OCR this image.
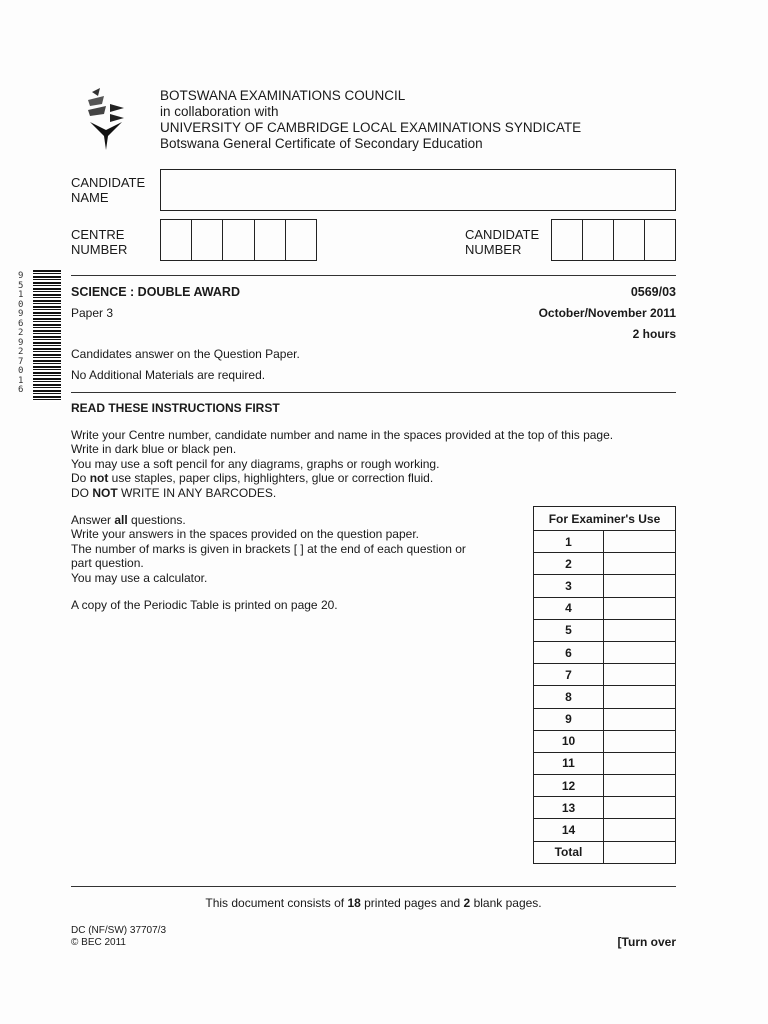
BOTSWANA EXAMINATIONS COUNCIL
in collaboration with
UNIVERSITY OF CAMBRIDGE LOCAL EXAMINATIONS SYNDICATE
Botswana General Certificate of Secondary Education
CANDIDATE
NAME
CENTRE
NUMBER
CANDIDATE
NUMBER
9 5 1 0 9 6 2 9 2 7 0 1 6
SCIENCE : DOUBLE AWARD	0569/03
Paper 3	October/November 2011
2 hours
Candidates answer on the Question Paper.
No Additional Materials are required.
READ THESE INSTRUCTIONS FIRST
Write your Centre number, candidate number and name in the spaces provided at the top of this page.
Write in dark blue or black pen.
You may use a soft pencil for any diagrams, graphs or rough working.
Do not use staples, paper clips, highlighters, glue or correction fluid.
DO NOT WRITE IN ANY BARCODES.
Answer all questions.
Write your answers in the spaces provided on the question paper.
The number of marks is given in brackets [ ] at the end of each question or
part question.
You may use a calculator.
A copy of the Periodic Table is printed on page 20.
For Examiner's Use	
1	
2	
3	
4	
5	
6	
7	
8	
9	
10	
11	
12	
13	
14	
Total	
This document consists of 18 printed pages and 2 blank pages.
DC (NF/SW) 37707/3
© BEC 2011	[Turn over
